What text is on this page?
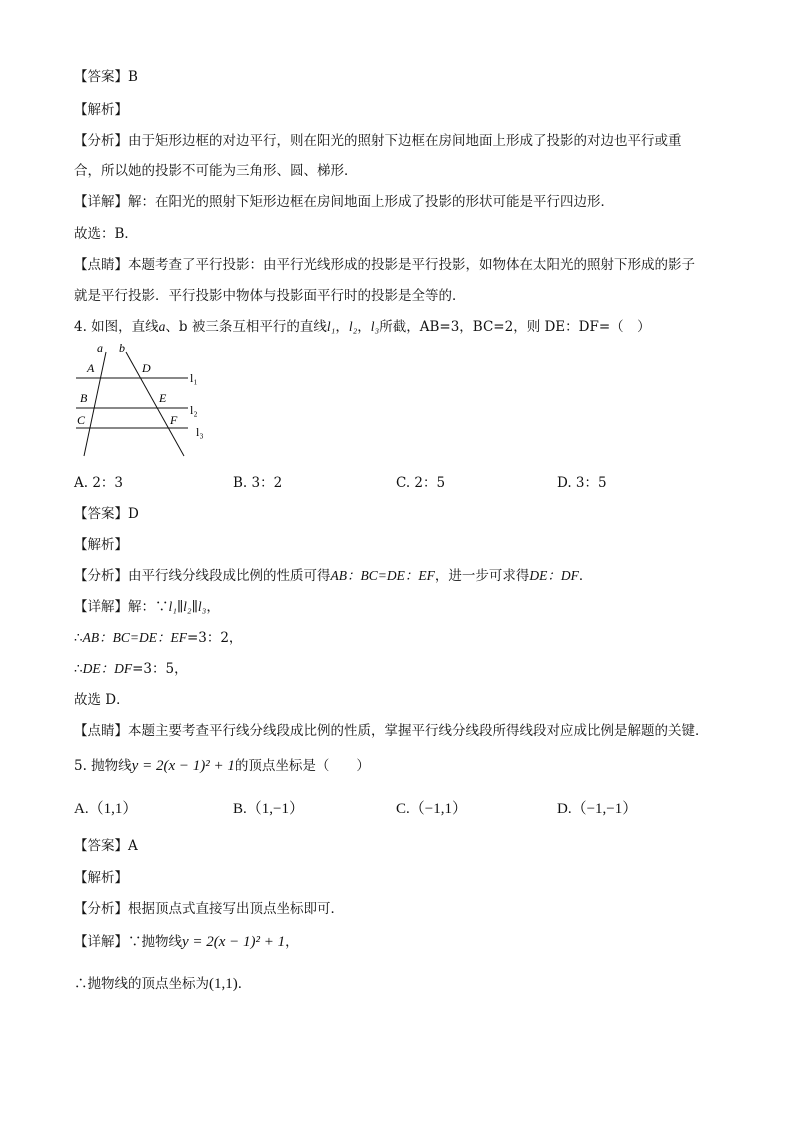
【答案】B
【解析】
【分析】由于矩形边框的对边平行，则在阳光的照射下边框在房间地面上形成了投影的对边也平行或重
合，所以她的投影不可能为三角形、圆、梯形．
【详解】解：在阳光的照射下矩形边框在房间地面上形成了投影的形状可能是平行四边形．
故选：B．
【点睛】本题考查了平行投影：由平行光线形成的投影是平行投影，如物体在太阳光的照射下形成的影子
就是平行投影．平行投影中物体与投影面平行时的投影是全等的．
4. 如图，直线a、b 被三条互相平行的直线l₁，l₂，l₃所截，AB=3，BC=2，则 DE：DF=（　）
a b
A	D
l₁
B	E
l₂
C	F
l₃
A. 2：3	B. 3：2	C. 2：5	D. 3：5
【答案】D
【解析】
【分析】由平行线分线段成比例的性质可得AB：BC=DE：EF，进一步可求得DE：DF．
【详解】解：∵l₁∥l₂∥l₃，
∴AB：BC=DE：EF=3：2，
∴DE：DF=3：5，
故选 D．
【点睛】本题主要考查平行线分线段成比例的性质，掌握平行线分线段所得线段对应成比例是解题的关键．
5. 抛物线y = 2(x − 1)² + 1的顶点坐标是（　　）
A.（1,1）	B.（1,−1）	C.（−1,1）	D.（−1,−1）
【答案】A
【解析】
【分析】根据顶点式直接写出顶点坐标即可．
【详解】∵抛物线y = 2(x − 1)² + 1，
∴抛物线的顶点坐标为(1,1)．
